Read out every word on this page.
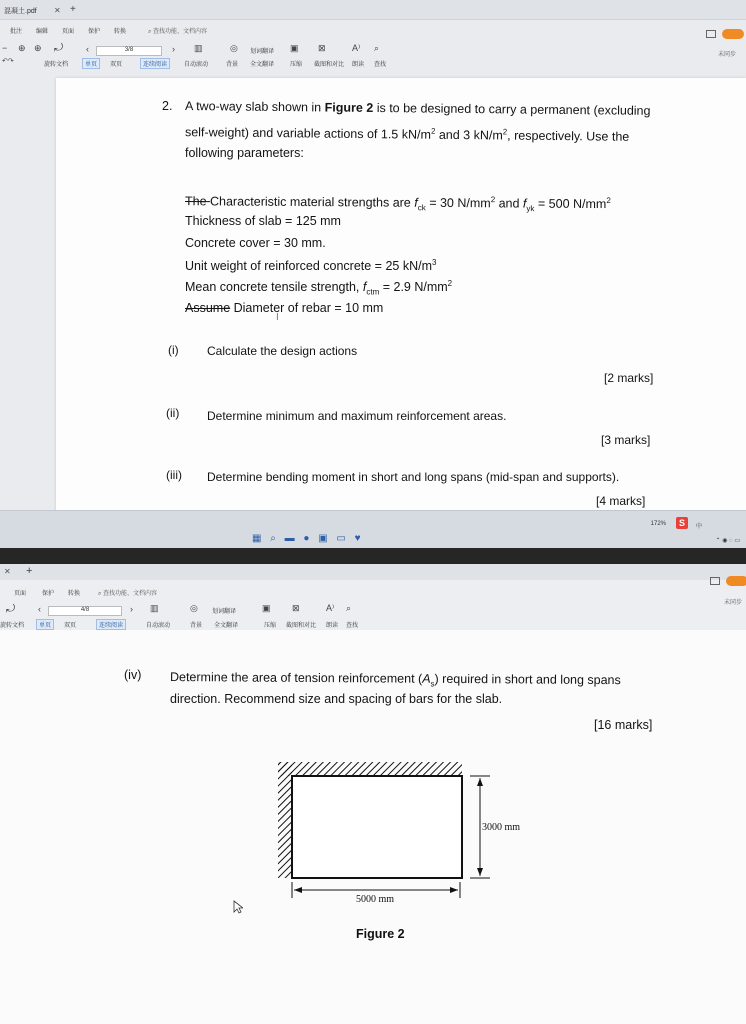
混凝土.pdf	✕ +
批注 编辑 页面 保护 转换	⌕ 查找功能、文档内容
未同步
− ⊕ ⊕ ⤾	‹	3/8	› ▥	◎ 划词翻译 ▣ ⊠	A⁾ ⌕
↶↷	旋转文档	单页	双页	连续阅读	自动滚动	背景 全文翻译	压缩 截图和对比 朗读 查找
2. A two-way slab shown in Figure 2 is to be designed to carry a permanent (excluding
self-weight) and variable actions of 1.5 $kN/m^2$ and 3 $kN/m^2$, respectively. Use the
following parameters:
The Characteristic material strengths are $f_{ck} = 30$ $N/mm^2$ and $f_{yk} = 500$ $N/mm^2$
Thickness of slab = 125 mm
Concrete cover = 30 mm.
Unit weight of reinforced concrete = 25 $kN/m^3$
Mean concrete tensile strength, $f_{ctm} = 2.9$ $N/mm^2$
Assume Diameter of rebar = 10 mm
I
(i) Calculate the design actions
[2 marks]
(ii) Determine minimum and maximum reinforcement areas.
[3 marks]
(iii) Determine bending moment in short and long spans (mid-span and supports).
[4 marks]
▦ ⌕ ▬ ● ▣ ▭ ♥
172%	S	中
⌃ ◉ ◌ ▭
✕ +
页面	保护 转换	⌕ 查找功能、文档内容
未同步
⤾	‹	4/8	› ▥	◎ 划词翻译	▣ ⊠	A⁾ ⌕
旋转文档	单页	双页	连续阅读	自动滚动	背景 全文翻译	压缩 截图和对比 朗读 查找
(iv) Determine the area of tension reinforcement $(A_s)$ required in short and long spans
direction. Recommend size and spacing of bars for the slab.
[16 marks]
3000 mm
5000 mm
Figure 2
